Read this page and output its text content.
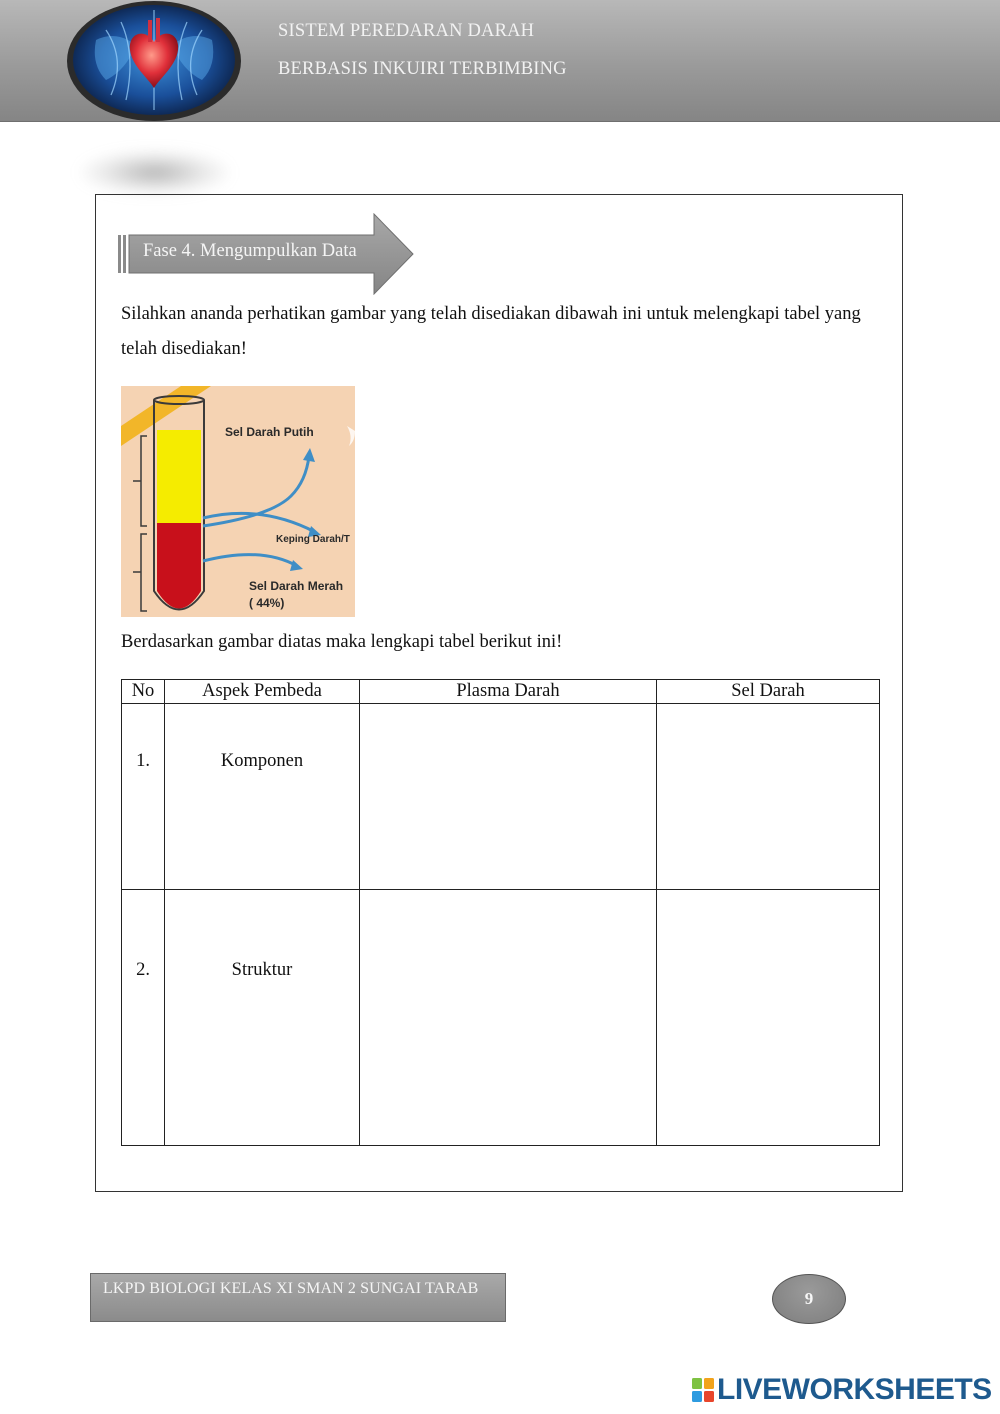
SISTEM PEREDARAN DARAH
BERBASIS INKUIRI TERBIMBING
Fase 4. Mengumpulkan Data
Silahkan ananda perhatikan gambar yang telah disediakan dibawah ini untuk melengkapi tabel yang telah disediakan!
Sel Darah Putih
Keping Darah/T
Sel Darah Merah
( 44%)
Berdasarkan gambar diatas maka lengkapi tabel berikut ini!
No	Aspek Pembeda	Plasma Darah	Sel Darah

1.	Komponen		

2.	Struktur		

LKPD BIOLOGI KELAS XI SMAN 2 SUNGAI TARAB
9
LIVEWORKSHEETS
